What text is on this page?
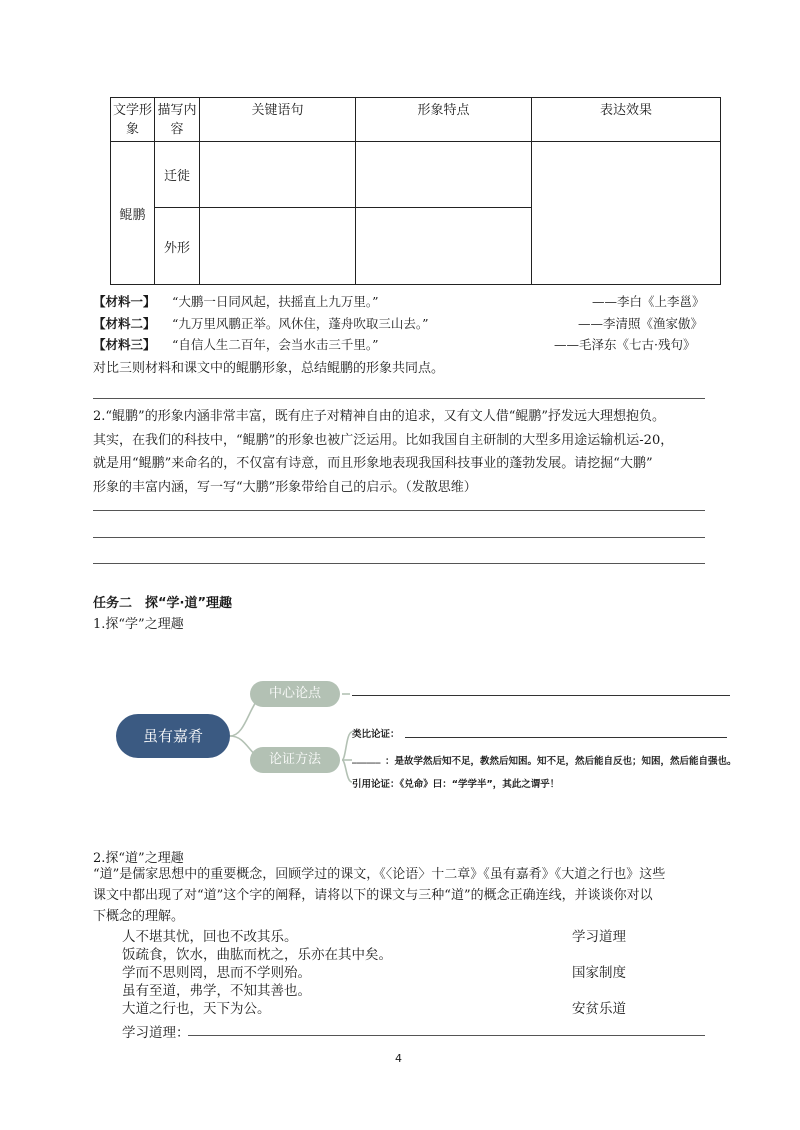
文学形象	描写内容	关键语句	形象特点	表达效果
鲲鹏	迁徙			
	外形			
【材料一】 “大鹏一日同风起，扶摇直上九万里。”	——李白《上李邕》
【材料二】 “九万里风鹏正举。风休住，蓬舟吹取三山去。”	——李清照《渔家傲》
【材料三】 “自信人生二百年，会当水击三千里。”	——毛泽东《七古·残句》
对比三则材料和课文中的鲲鹏形象，总结鲲鹏的形象共同点。
2.“鲲鹏”的形象内涵非常丰富，既有庄子对精神自由的追求，又有文人借“鲲鹏”抒发远大理想抱负。
其实，在我们的科技中，“鲲鹏”的形象也被广泛运用。比如我国自主研制的大型多用途运输机运-20，
就是用“鲲鹏”来命名的，不仅富有诗意，而且形象地表现我国科技事业的蓬勃发展。请挖掘“大鹏”
形象的丰富内涵，写一写“大鹏”形象带给自己的启示。（发散思维）
任务二　探“学·道”理趣
1.探“学”之理趣
虽有嘉肴
中心论点
论证方法
类比论证：
______ ：是故学然后知不足，教然后知困。知不足，然后能自反也；知困，然后能自强也。
引用论证：《兑命》曰：“学学半”，其此之谓乎！
2.探“道”之理趣
“道”是儒家思想中的重要概念，回顾学过的课文，《〈论语〉十二章》《虽有嘉肴》《大道之行也》这些
课文中都出现了对“道”这个字的阐释，请将以下的课文与三种“道”的概念正确连线，并谈谈你对以
下概念的理解。
人不堪其忧，回也不改其乐。
饭疏食，饮水，曲肱而枕之，乐亦在其中矣。
学而不思则罔，思而不学则殆。
虽有至道，弗学，不知其善也。
大道之行也，天下为公。
学习道理
国家制度
安贫乐道
学习道理：
4
